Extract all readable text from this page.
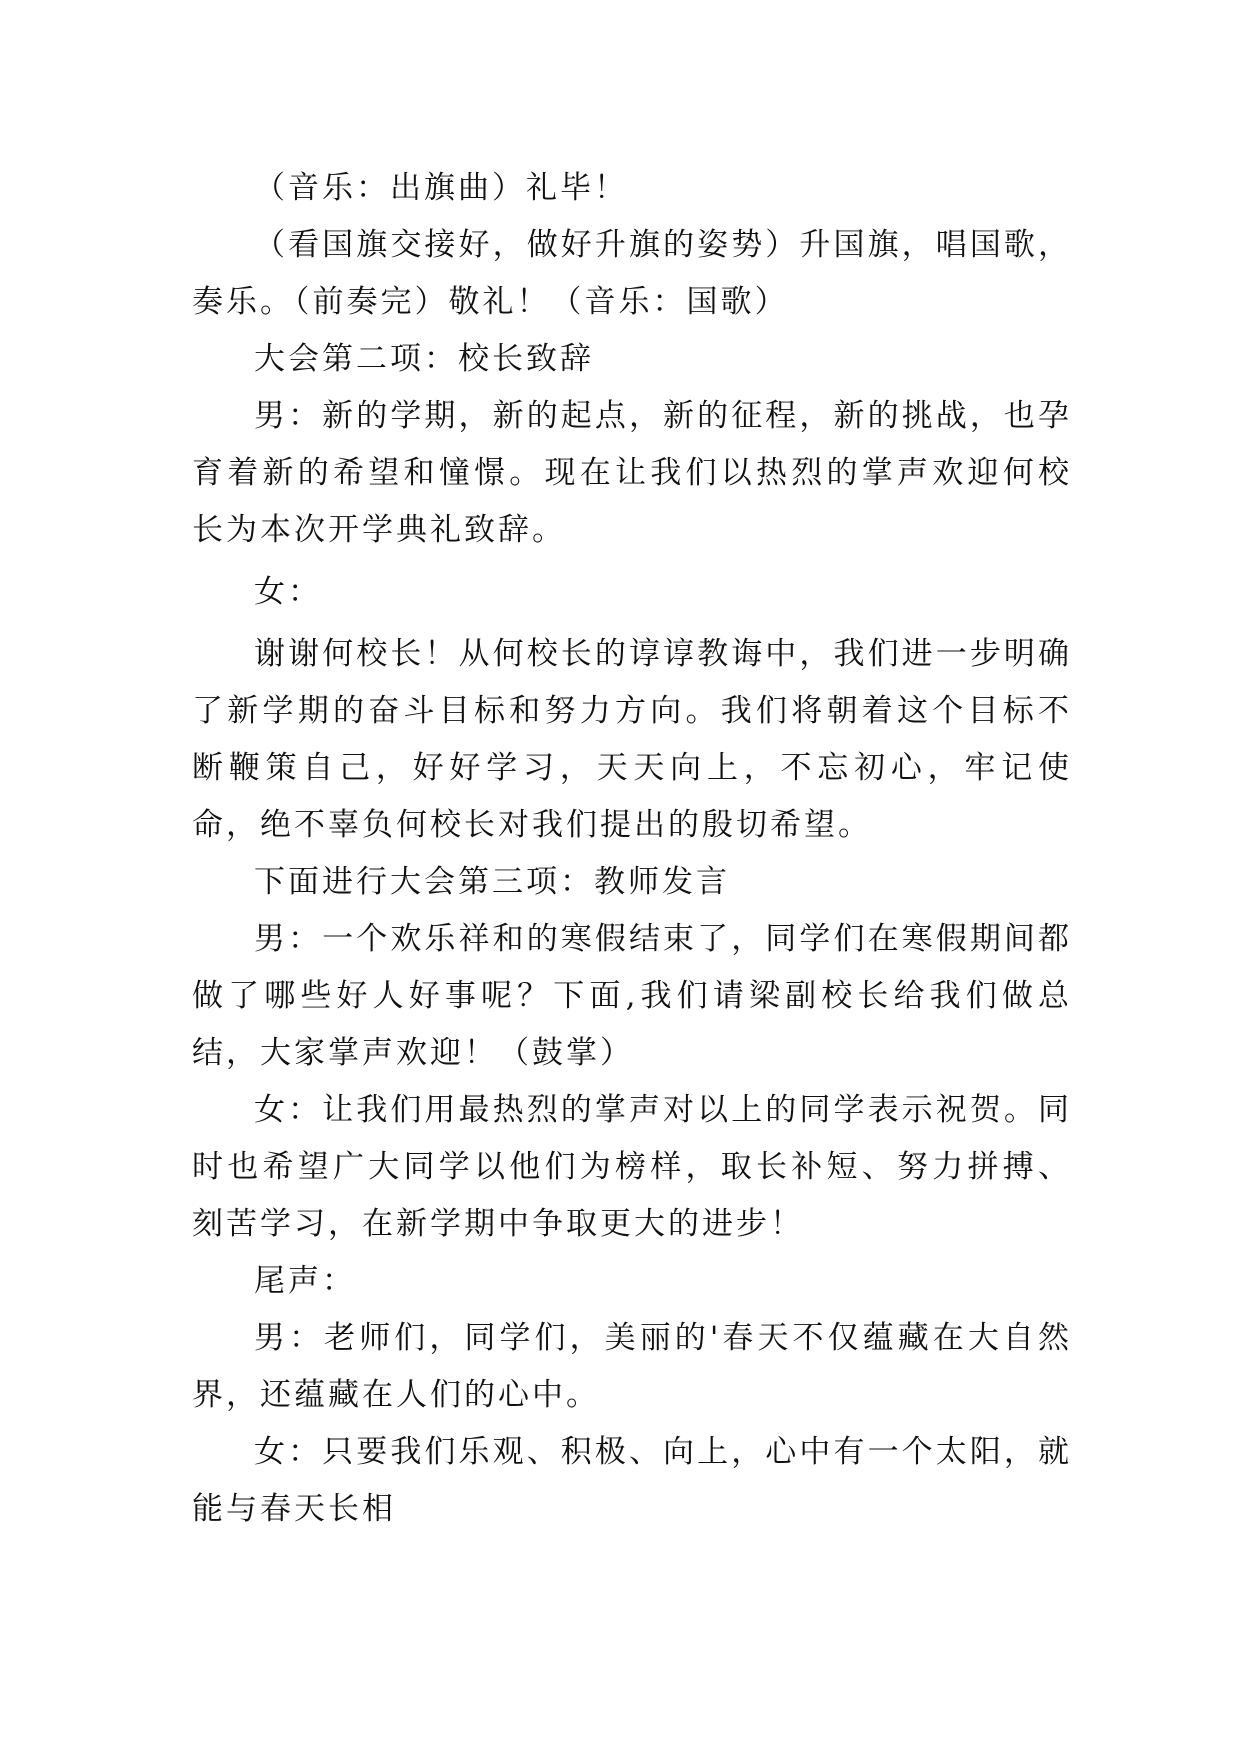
（音乐：出旗曲）礼毕！

（看国旗交接好，做好升旗的姿势）升国旗，唱国歌，奏乐。（前奏完）敬礼！（音乐：国歌）

大会第二项：校长致辞

男：新的学期，新的起点，新的征程，新的挑战，也孕育着新的希望和憧憬。现在让我们以热烈的掌声欢迎何校长为本次开学典礼致辞。

女：

谢谢何校长！从何校长的谆谆教诲中，我们进一步明确了新学期的奋斗目标和努力方向。我们将朝着这个目标不断鞭策自己，好好学习，天天向上，不忘初心，牢记使命，绝不辜负何校长对我们提出的殷切希望。

下面进行大会第三项：教师发言

男：一个欢乐祥和的寒假结束了，同学们在寒假期间都做了哪些好人好事呢？下面,我们请梁副校长给我们做总结，大家掌声欢迎！（鼓掌）

女：让我们用最热烈的掌声对以上的同学表示祝贺。同时也希望广大同学以他们为榜样，取长补短、努力拼搏、刻苦学习，在新学期中争取更大的进步！

尾声：

男：老师们，同学们，美丽的'春天不仅蕴藏在大自然界，还蕴藏在人们的心中。

女：只要我们乐观、积极、向上，心中有一个太阳，就能与春天长相
